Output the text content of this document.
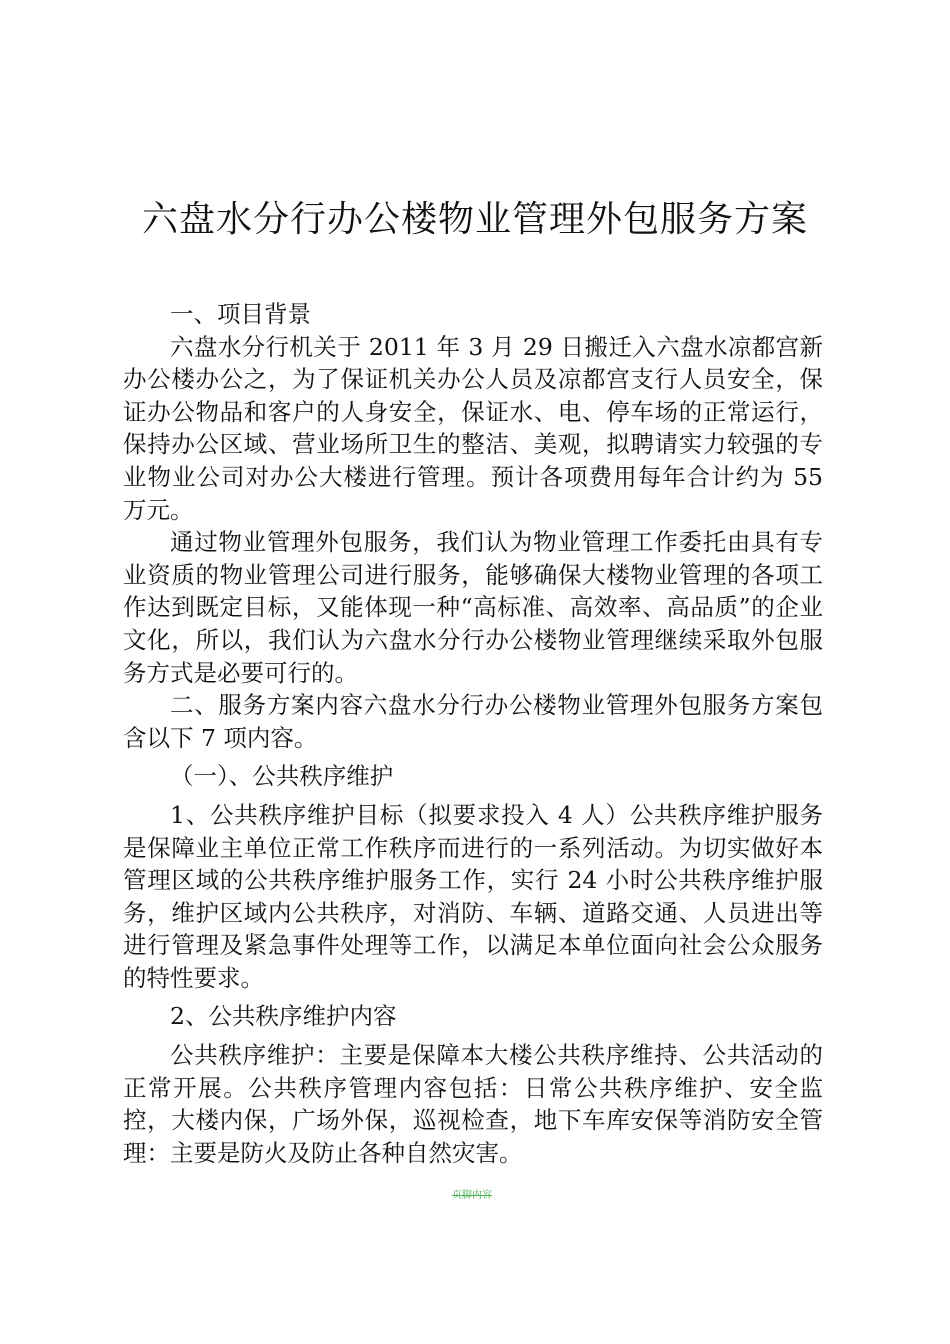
六盘水分行办公楼物业管理外包服务方案

一、项目背景

六盘水分行机关于 2011 年 3 月 29 日搬迁入六盘水凉都宫新办公楼办公之，为了保证机关办公人员及凉都宫支行人员安全，保证办公物品和客户的人身安全，保证水、电、停车场的正常运行，保持办公区域、营业场所卫生的整洁、美观，拟聘请实力较强的专业物业公司对办公大楼进行管理。预计各项费用每年合计约为 55 万元。

通过物业管理外包服务，我们认为物业管理工作委托由具有专业资质的物业管理公司进行服务，能够确保大楼物业管理的各项工作达到既定目标，又能体现一种“高标准、高效率、高品质”的企业文化，所以，我们认为六盘水分行办公楼物业管理继续采取外包服务方式是必要可行的。

二、服务方案内容六盘水分行办公楼物业管理外包服务方案包含以下 7 项内容。

（一）、公共秩序维护

1、公共秩序维护目标（拟要求投入 4 人）公共秩序维护服务是保障业主单位正常工作秩序而进行的一系列活动。为切实做好本管理区域的公共秩序维护服务工作，实行 24 小时公共秩序维护服务，维护区域内公共秩序，对消防、车辆、道路交通、人员进出等进行管理及紧急事件处理等工作，以满足本单位面向社会公众服务的特性要求。

2、公共秩序维护内容

公共秩序维护：主要是保障本大楼公共秩序维持、公共活动的正常开展。公共秩序管理内容包括：日常公共秩序维护、安全监控，大楼内保，广场外保，巡视检查，地下车库安保等消防安全管理：主要是防火及防止各种自然灾害。

页脚内容
